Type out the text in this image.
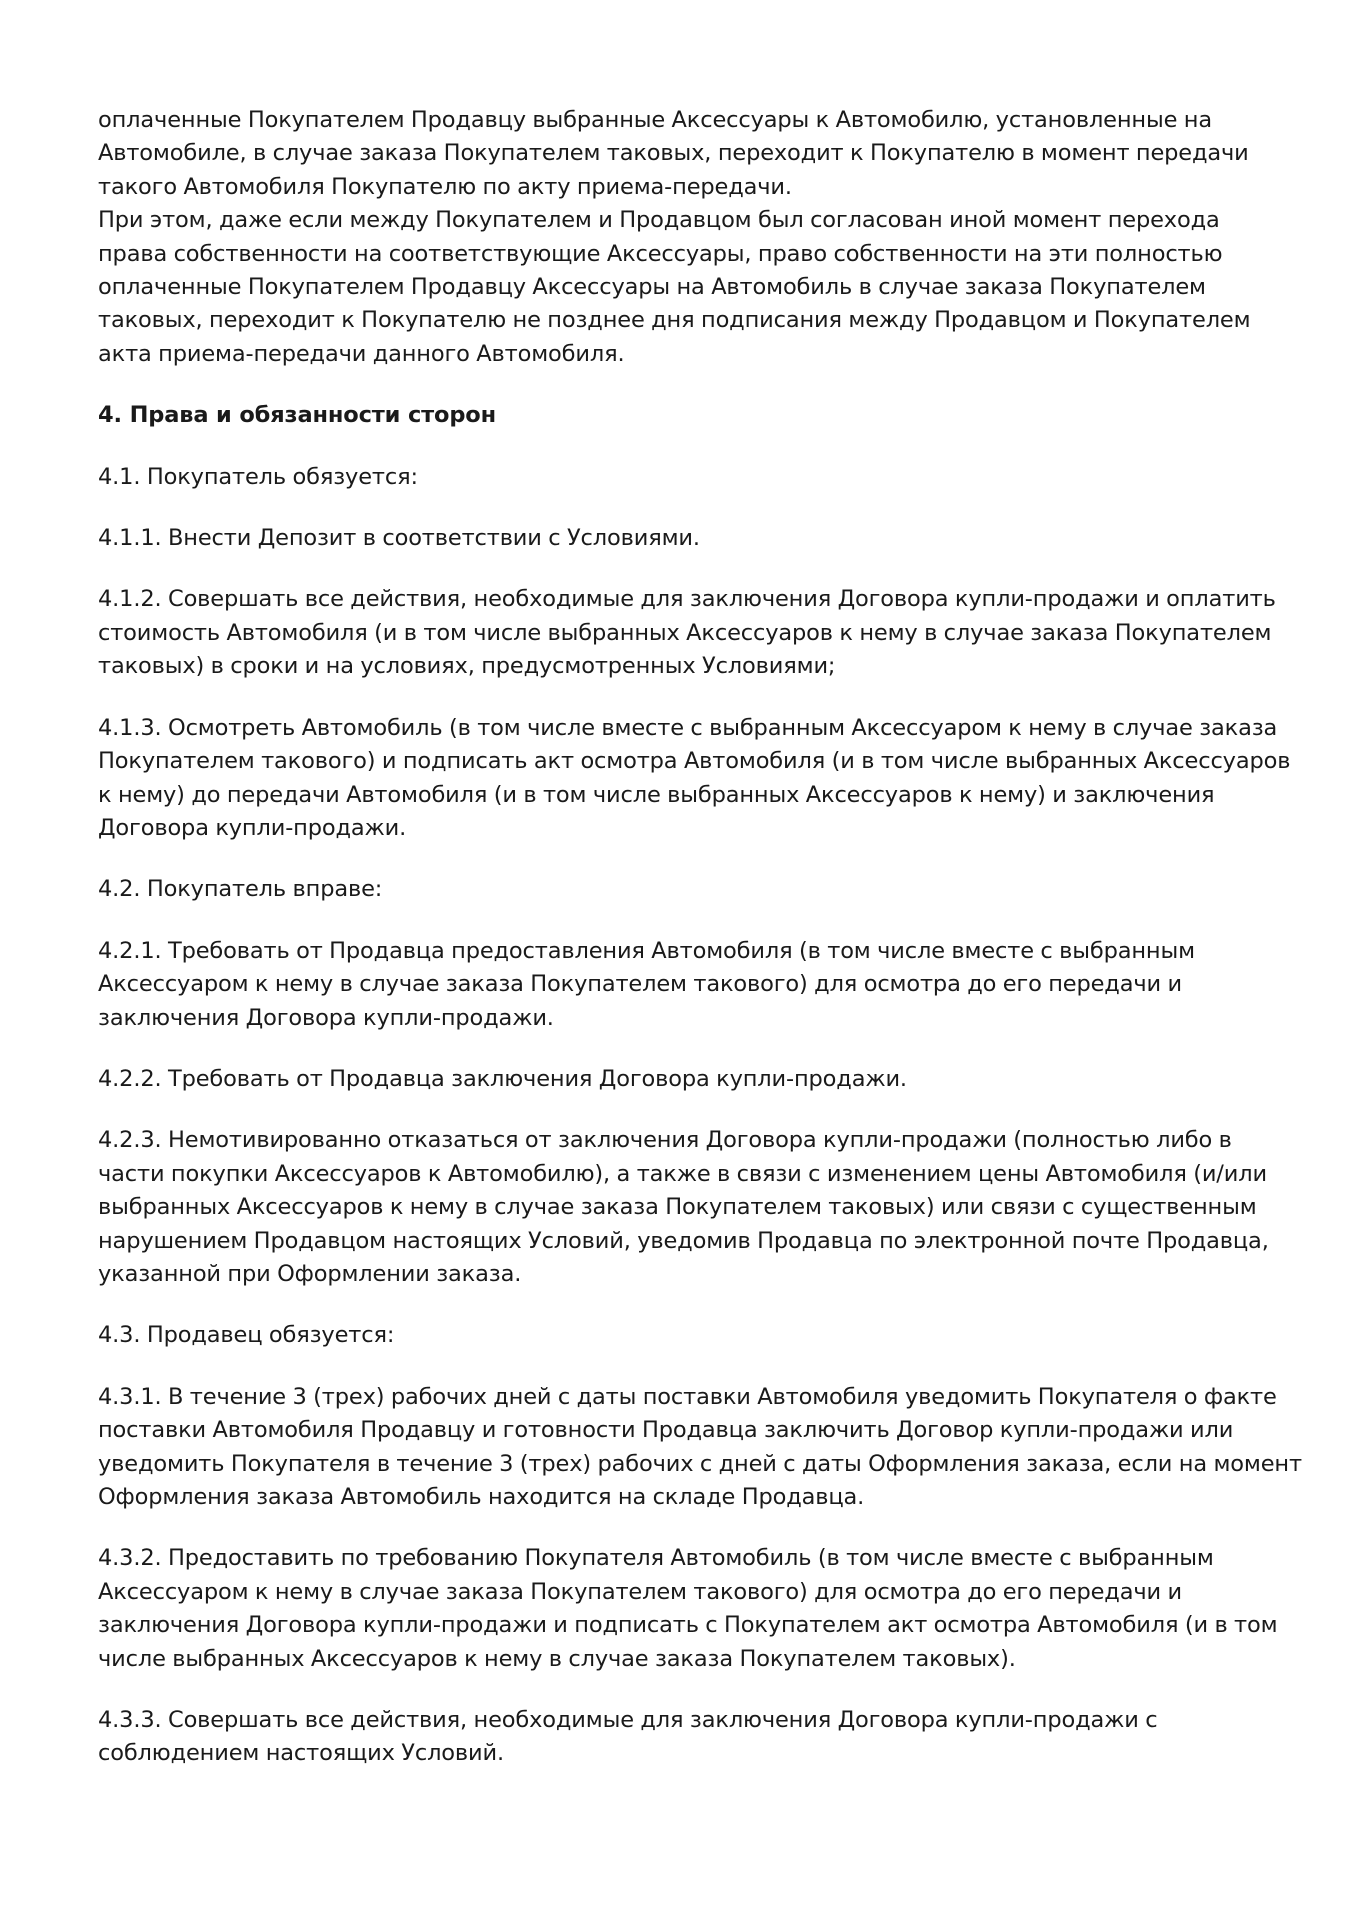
оплаченные Покупателем Продавцу выбранные Аксессуары к Автомобилю, установленные на
Автомобиле, в случае заказа Покупателем таковых, переходит к Покупателю в момент передачи
такого Автомобиля Покупателю по акту приема-передачи.
При этом, даже если между Покупателем и Продавцом был согласован иной момент перехода
права собственности на соответствующие Аксессуары, право собственности на эти полностью
оплаченные Покупателем Продавцу Аксессуары на Автомобиль в случае заказа Покупателем
таковых, переходит к Покупателю не позднее дня подписания между Продавцом и Покупателем
акта приема-передачи данного Автомобиля.

4. Права и обязанности сторон

4.1. Покупатель обязуется:

4.1.1. Внести Депозит в соответствии с Условиями.

4.1.2. Совершать все действия, необходимые для заключения Договора купли-продажи и оплатить
стоимость Автомобиля (и в том числе выбранных Аксессуаров к нему в случае заказа Покупателем
таковых) в сроки и на условиях, предусмотренных Условиями;

4.1.3. Осмотреть Автомобиль (в том числе вместе с выбранным Аксессуаром к нему в случае заказа
Покупателем такового) и подписать акт осмотра Автомобиля (и в том числе выбранных Аксессуаров
к нему) до передачи Автомобиля (и в том числе выбранных Аксессуаров к нему) и заключения
Договора купли-продажи.

4.2. Покупатель вправе:

4.2.1. Требовать от Продавца предоставления Автомобиля (в том числе вместе с выбранным
Аксессуаром к нему в случае заказа Покупателем такового) для осмотра до его передачи и
заключения Договора купли-продажи.

4.2.2. Требовать от Продавца заключения Договора купли-продажи.

4.2.3. Немотивированно отказаться от заключения Договора купли-продажи (полностью либо в
части покупки Аксессуаров к Автомобилю), а также в связи с изменением цены Автомобиля (и/или
выбранных Аксессуаров к нему в случае заказа Покупателем таковых) или связи с существенным
нарушением Продавцом настоящих Условий, уведомив Продавца по электронной почте Продавца,
указанной при Оформлении заказа.

4.3. Продавец обязуется:

4.3.1. В течение 3 (трех) рабочих дней с даты поставки Автомобиля уведомить Покупателя о факте
поставки Автомобиля Продавцу и готовности Продавца заключить Договор купли-продажи или
уведомить Покупателя в течение 3 (трех) рабочих с дней с даты Оформления заказа, если на момент
Оформления заказа Автомобиль находится на складе Продавца.

4.3.2. Предоставить по требованию Покупателя Автомобиль (в том числе вместе с выбранным
Аксессуаром к нему в случае заказа Покупателем такового) для осмотра до его передачи и
заключения Договора купли-продажи и подписать с Покупателем акт осмотра Автомобиля (и в том
числе выбранных Аксессуаров к нему в случае заказа Покупателем таковых).

4.3.3. Совершать все действия, необходимые для заключения Договора купли-продажи с
соблюдением настоящих Условий.
